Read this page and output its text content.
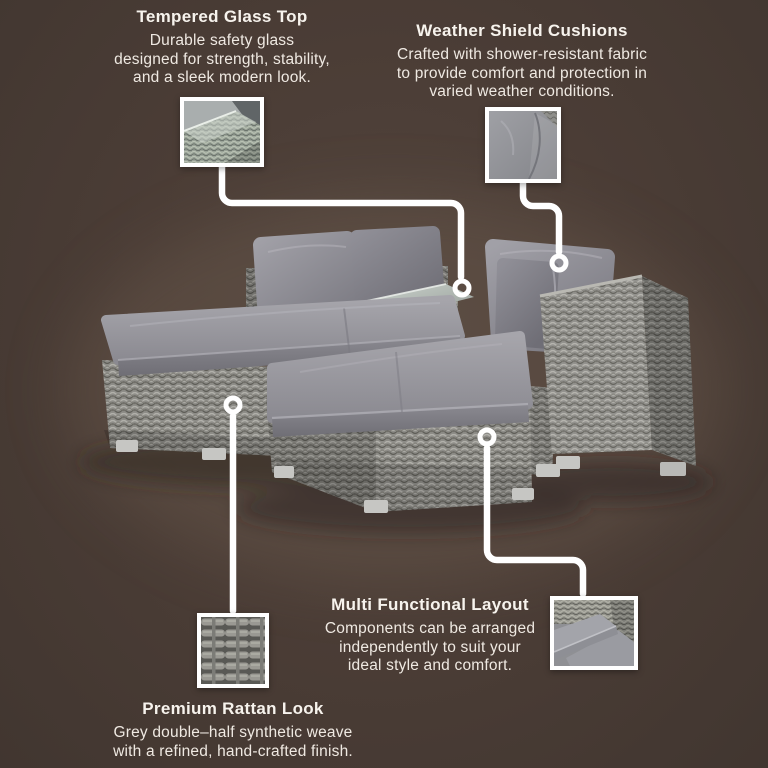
Tempered Glass Top
Durable safety glass
designed for strength, stability,
and a sleek modern look.
Weather Shield Cushions
Crafted with shower-resistant fabric
to provide comfort and protection in
varied weather conditions.
Multi Functional Layout
Components can be arranged
independently to suit your
ideal style and comfort.
Premium Rattan Look
Grey double–half synthetic weave
with a refined, hand-crafted finish.
